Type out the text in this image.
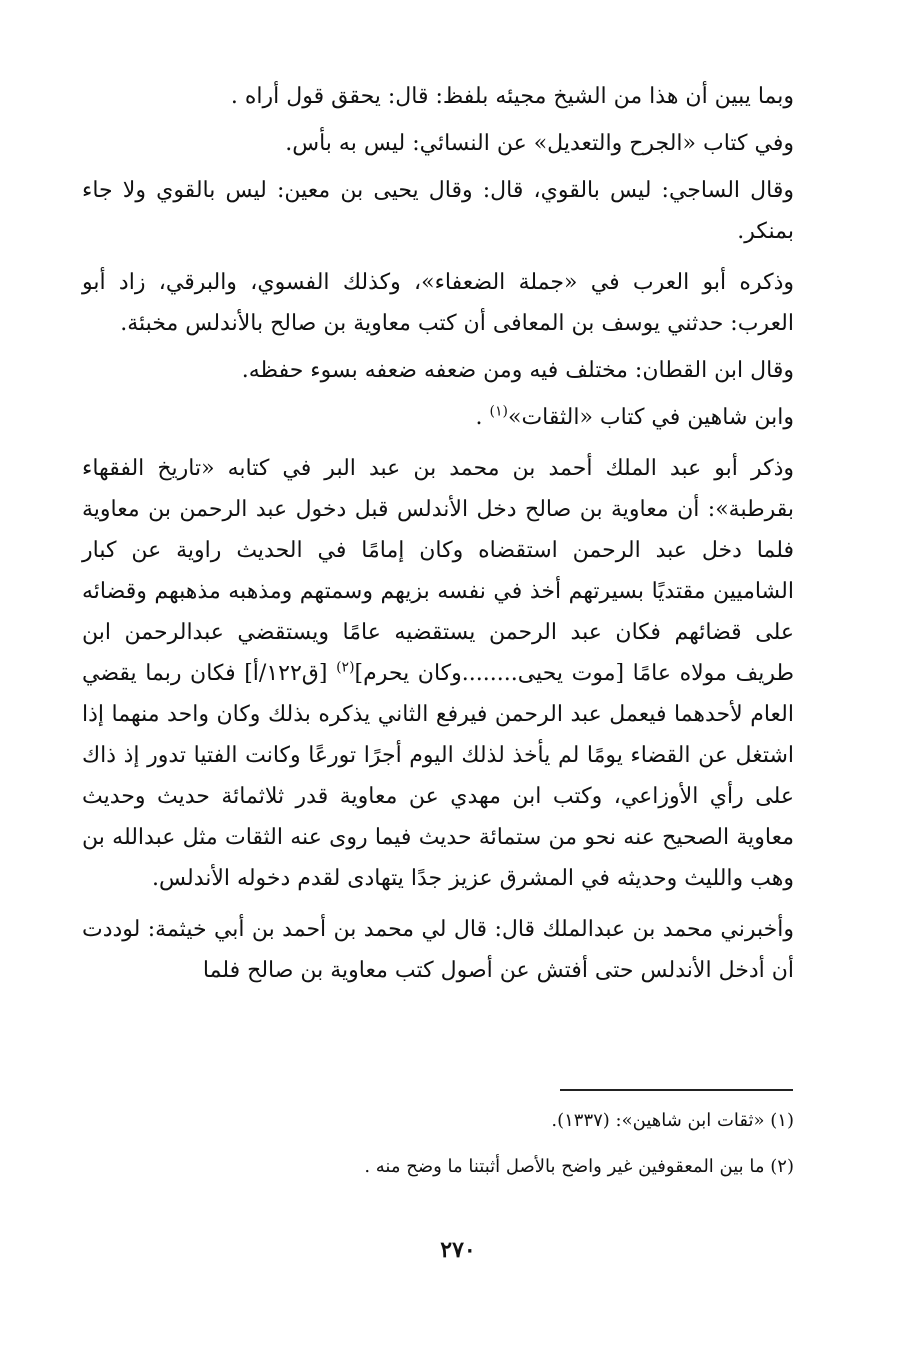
وبما يبين أن هذا من الشيخ مجيئه بلفظ: قال: يحقق قول أراه .

وفي كتاب «الجرح والتعديل» عن النسائي: ليس به بأس.

وقال الساجي: ليس بالقوي، قال: وقال يحيى بن معين: ليس بالقوي ولا جاء بمنكر.

وذكره أبو العرب في «جملة الضعفاء»، وكذلك الفسوي، والبرقي، زاد أبو العرب: حدثني يوسف بن المعافى أن كتب معاوية بن صالح بالأندلس مخبئة.

وقال ابن القطان: مختلف فيه ومن ضعفه ضعفه بسوء حفظه.

وابن شاهين في كتاب «الثقات»$^{(١)}$ .

وذكر أبو عبد الملك أحمد بن محمد بن عبد البر في كتابه «تاريخ الفقهاء بقرطبة»: أن معاوية بن صالح دخل الأندلس قبل دخول عبد الرحمن بن معاوية فلما دخل عبد الرحمن استقضاه وكان إمامًا في الحديث راوية عن كبار الشاميين مقتديًا بسيرتهم أخذ في نفسه بزيهم وسمتهم ومذهبه مذهبهم وقضائه على قضائهم فكان عبد الرحمن يستقضيه عامًا ويستقضي عبدالرحمن ابن طريف مولاه عامًا [موت يحيى........وكان يحرم]$^{(٢)}$ [ق١٢٢/أ] فكان ربما يقضي العام لأحدهما فيعمل عبد الرحمن فيرفع الثاني يذكره بذلك وكان واحد منهما إذا اشتغل عن القضاء يومًا لم يأخذ لذلك اليوم أجرًا تورعًا وكانت الفتيا تدور إذ ذاك على رأي الأوزاعي، وكتب ابن مهدي عن معاوية قدر ثلاثمائة حديث وحديث معاوية الصحيح عنه نحو من ستمائة حديث فيما روى عنه الثقات مثل عبدالله بن وهب والليث وحديثه في المشرق عزيز جدًا يتهادى لقدم دخوله الأندلس.

وأخبرني محمد بن عبدالملك قال: قال لي محمد بن أحمد بن أبي خيثمة: لوددت أن أدخل الأندلس حتى أفتش عن أصول كتب معاوية بن صالح فلما

(١) «ثقات ابن شاهين»: (١٣٣٧).
(٢) ما بين المعقوفين غير واضح بالأصل أثبتنا ما وضح منه .
٢٧٠
